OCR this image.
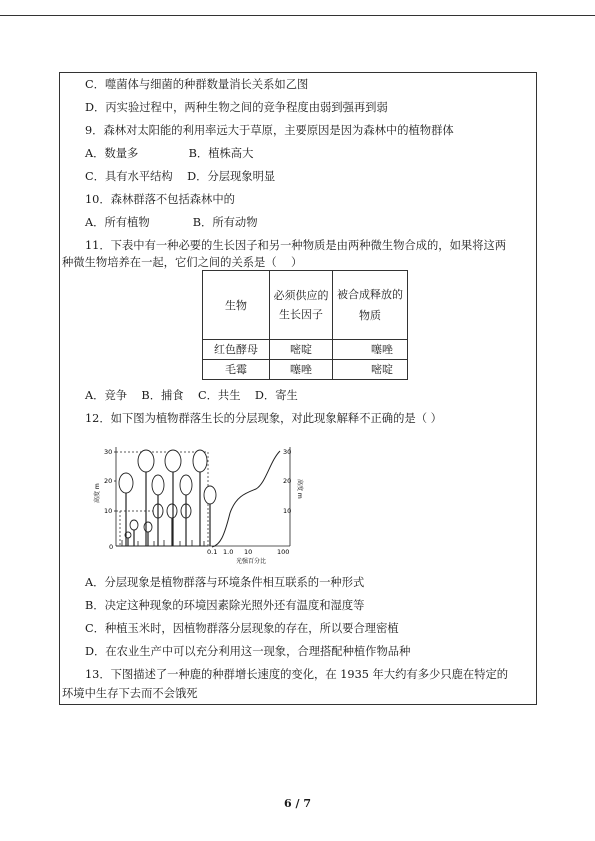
C．噬菌体与细菌的种群数量消长关系如乙图
D．丙实验过程中，两种生物之间的竞争程度由弱到强再到弱
9．森林对太阳能的利用率远大于草原，主要原因是因为森林中的植物群体
A．数量多              B．植株高大
C．具有水平结构    D．分层现象明显
10．森林群落不包括森林中的
A．所有植物            B．所有动物
11．下表中有一种必要的生长因子和另一种物质是由两种微生物合成的，如果将这两
种微生物培养在一起，它们之间的关系是（    ）
生物	必须供应的生长因子	被合成释放的物质
红色酵母	嘧啶	噻唑
毛霉	噻唑	嘧啶
A．竞争    B．捕食    C．共生    D．寄生
12．如下图为植物群落生长的分层现象，对此现象解释不正确的是（ ）
30
20
10
0
高度 m
0.1 1.0 10	100
光强百分比
30
20
10
高度 m
A．分层现象是植物群落与环境条件相互联系的一种形式
B．决定这种现象的环境因素除光照外还有温度和湿度等
C．种植玉米时，因植物群落分层现象的存在，所以要合理密植
D．在农业生产中可以充分利用这一现象，合理搭配种植作物品种
13．下图描述了一种鹿的种群增长速度的变化，在 1935 年大约有多少只鹿在特定的
环境中生存下去而不会饿死
6 / 7
